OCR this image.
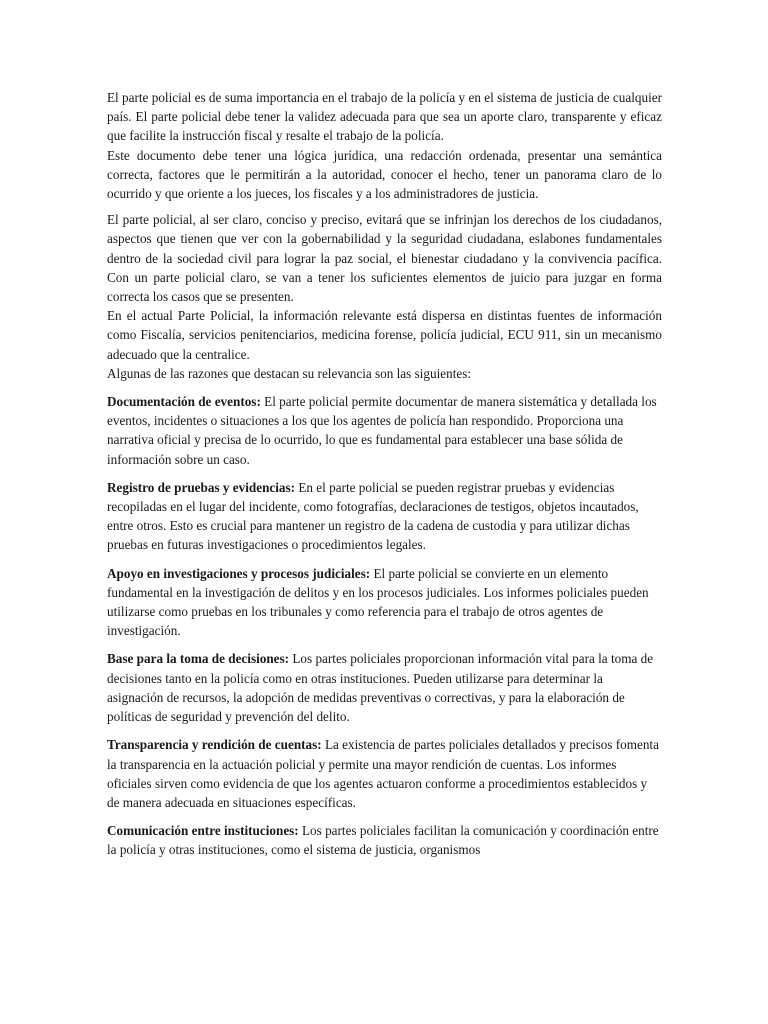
El parte policial es de suma importancia en el trabajo de la policía y en el sistema de justicia de cualquier país. El parte policial debe tener la validez adecuada para que sea un aporte claro, transparente y eficaz que facilite la instrucción fiscal y resalte el trabajo de la policía.

Este documento debe tener una lógica jurídica, una redacción ordenada, presentar una semántica correcta, factores que le permitirán a la autoridad, conocer el hecho, tener un panorama claro de lo ocurrido y que oriente a los jueces, los fiscales y a los administradores de justicia.

El parte policial, al ser claro, conciso y preciso, evitará que se infrinjan los derechos de los ciudadanos, aspectos que tienen que ver con la gobernabilidad y la seguridad ciudadana, eslabones fundamentales dentro de la sociedad civil para lograr la paz social, el bienestar ciudadano y la convivencia pacífica. Con un parte policial claro, se van a tener los suficientes elementos de juicio para juzgar en forma correcta los casos que se presenten.

En el actual Parte Policial, la información relevante está dispersa en distintas fuentes de información como Fiscalía, servicios penitenciarios, medicina forense, policía judicial, ECU 911, sin un mecanismo adecuado que la centralice.

Algunas de las razones que destacan su relevancia son las siguientes:

Documentación de eventos: El parte policial permite documentar de manera sistemática y detallada los eventos, incidentes o situaciones a los que los agentes de policía han respondido. Proporciona una narrativa oficial y precisa de lo ocurrido, lo que es fundamental para establecer una base sólida de información sobre un caso.

Registro de pruebas y evidencias: En el parte policial se pueden registrar pruebas y evidencias recopiladas en el lugar del incidente, como fotografías, declaraciones de testigos, objetos incautados, entre otros. Esto es crucial para mantener un registro de la cadena de custodia y para utilizar dichas pruebas en futuras investigaciones o procedimientos legales.

Apoyo en investigaciones y procesos judiciales: El parte policial se convierte en un elemento fundamental en la investigación de delitos y en los procesos judiciales. Los informes policiales pueden utilizarse como pruebas en los tribunales y como referencia para el trabajo de otros agentes de investigación.

Base para la toma de decisiones: Los partes policiales proporcionan información vital para la toma de decisiones tanto en la policía como en otras instituciones. Pueden utilizarse para determinar la asignación de recursos, la adopción de medidas preventivas o correctivas, y para la elaboración de políticas de seguridad y prevención del delito.

Transparencia y rendición de cuentas: La existencia de partes policiales detallados y precisos fomenta la transparencia en la actuación policial y permite una mayor rendición de cuentas. Los informes oficiales sirven como evidencia de que los agentes actuaron conforme a procedimientos establecidos y de manera adecuada en situaciones específicas.

Comunicación entre instituciones: Los partes policiales facilitan la comunicación y coordinación entre la policía y otras instituciones, como el sistema de justicia, organismos
